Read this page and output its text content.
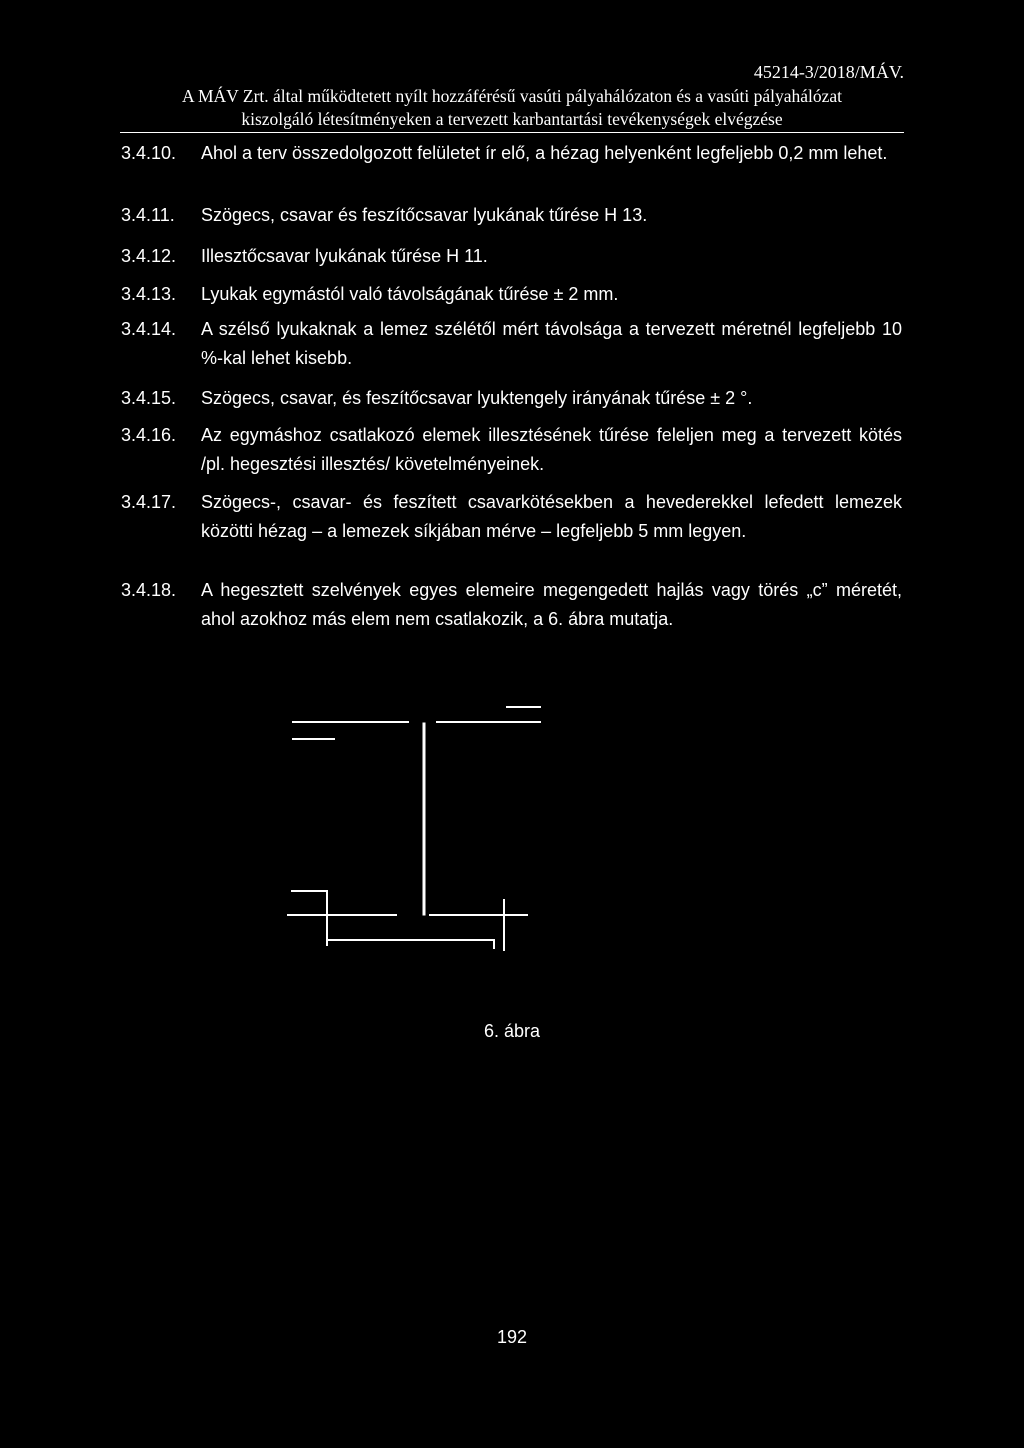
45214-3/2018/MÁV.
A MÁV Zrt. által működtetett nyílt hozzáférésű vasúti pályahálózaton és a vasúti pályahálózat
kiszolgáló létesítményeken a tervezett karbantartási tevékenységek elvégzése
3.4.10. Ahol a terv összedolgozott felületet ír elő, a hézag helyenként legfeljebb 0,2 mm lehet.
3.4.11. Szögecs, csavar és feszítőcsavar lyukának tűrése H 13.
3.4.12. Illesztőcsavar lyukának tűrése H 11.
3.4.13. Lyukak egymástól való távolságának tűrése ± 2 mm.
3.4.14. A szélső lyukaknak a lemez szélétől mért távolsága a tervezett méretnél legfeljebb 10 %-kal lehet kisebb.
3.4.15. Szögecs, csavar, és feszítőcsavar lyuktengely irányának tűrése ± 2 °.
3.4.16. Az egymáshoz csatlakozó elemek illesztésének tűrése feleljen meg a tervezett kötés /pl. hegesztési illesztés/ követelményeinek.
3.4.17. Szögecs-, csavar- és feszített csavarkötésekben a hevederekkel lefedett lemezek közötti hézag – a lemezek síkjában mérve – legfeljebb 5 mm legyen.
3.4.18. A hegesztett szelvények egyes elemeire megengedett hajlás vagy törés „c” méretét, ahol azokhoz más elem nem csatlakozik, a 6. ábra mutatja.
6. ábra
192
